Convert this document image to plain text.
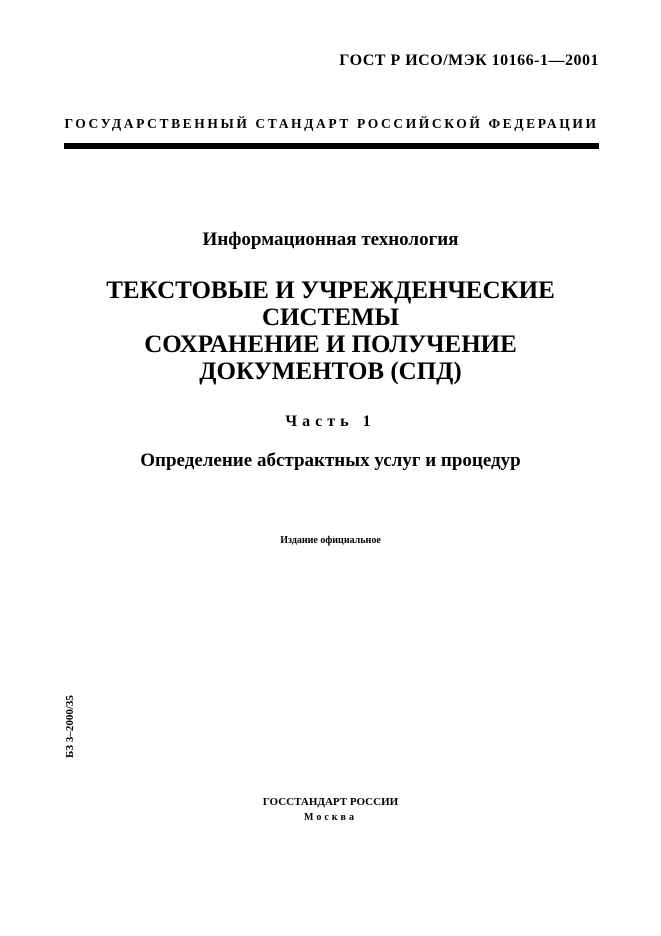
ГОСТ Р ИСО/МЭК 10166-1—2001
ГОСУДАРСТВЕННЫЙ СТАНДАРТ РОССИЙСКОЙ ФЕДЕРАЦИИ
Информационная технология
ТЕКСТОВЫЕ И УЧРЕЖДЕНЧЕСКИЕ
СИСТЕМЫ
СОХРАНЕНИЕ И ПОЛУЧЕНИЕ
ДОКУМЕНТОВ (СПД)
Часть 1
Определение абстрактных услуг и процедур
Издание официальное
БЗ 3–2000/35
ГОССТАНДАРТ РОССИИ
Москва
